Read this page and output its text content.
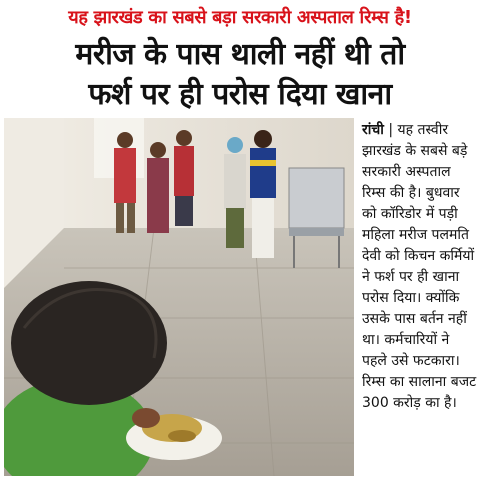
यह झारखंड का सबसे बड़ा सरकारी अस्पताल रिम्स है!
मरीज के पास थाली नहीं थी तो
फर्श पर ही परोस दिया खाना
रांची | यह तस्वीर झारखंड के सबसे बड़े सरकारी अस्पताल रिम्स की है। बुधवार को कॉरिडोर में पड़ी महिला मरीज पलमति देवी को किचन कर्मियों ने फर्श पर ही खाना परोस दिया। क्योंकि उसके पास बर्तन नहीं था। कर्मचारियों ने पहले उसे फटकारा। रिम्स का सालाना बजट 300 करोड़ का है।
